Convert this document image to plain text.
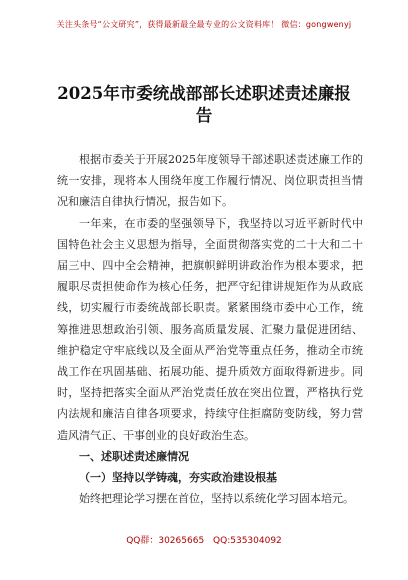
关注头条号“公文研究”，获得最新最全最专业的公文资料库！ 微信：gongwenyj
2025年市委统战部部长述职述责述廉报告

根据市委关于开展2025年度领导干部述职述责述廉工作的统一安排，现将本人围绕年度工作履行情况、岗位职责担当情况和廉洁自律执行情况，报告如下。

一年来，在市委的坚强领导下，我坚持以习近平新时代中国特色社会主义思想为指导，全面贯彻落实党的二十大和二十届三中、四中全会精神，把旗帜鲜明讲政治作为根本要求，把履职尽责担使命作为核心任务，把严守纪律讲规矩作为从政底线，切实履行市委统战部长职责。紧紧围绕市委中心工作，统筹推进思想政治引领、服务高质量发展、汇聚力量促进团结、维护稳定守牢底线以及全面从严治党等重点任务，推动全市统战工作在巩固基础、拓展功能、提升质效方面取得新进步。同时，坚持把落实全面从严治党责任放在突出位置，严格执行党内法规和廉洁自律各项要求，持续守住拒腐防变防线，努力营造风清气正、干事创业的良好政治生态。

一、述职述责述廉情况

（一）坚持以学铸魂，夯实政治建设根基

始终把理论学习摆在首位，坚持以系统化学习固本培元。

QQ群：30265665 QQ:535304092
